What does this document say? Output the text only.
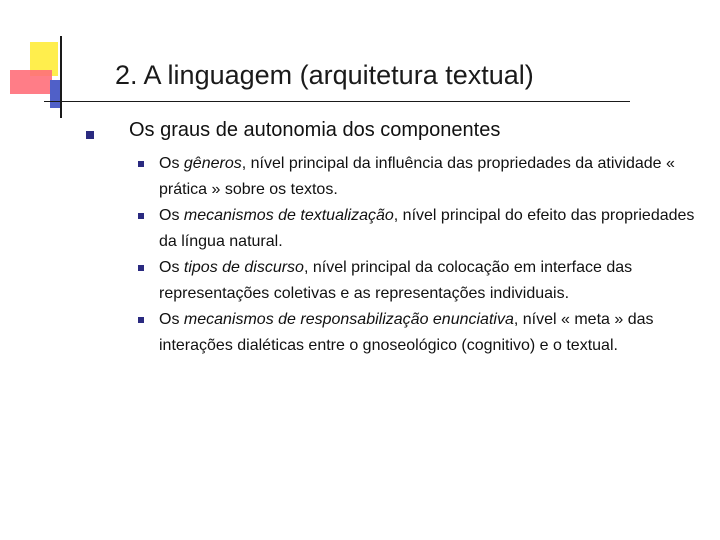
2. A linguagem (arquitetura textual)
Os graus de autonomia dos componentes
Os gêneros, nível principal da influência das propriedades da atividade « prática » sobre os textos.
Os mecanismos de textualização, nível principal do efeito das propriedades da língua natural.
Os tipos de discurso, nível principal da colocação em interface das representações coletivas e as representações individuais.
Os mecanismos de responsabilização enunciativa, nível « meta » das interações dialéticas entre o gnoseológico (cognitivo) e o textual.
